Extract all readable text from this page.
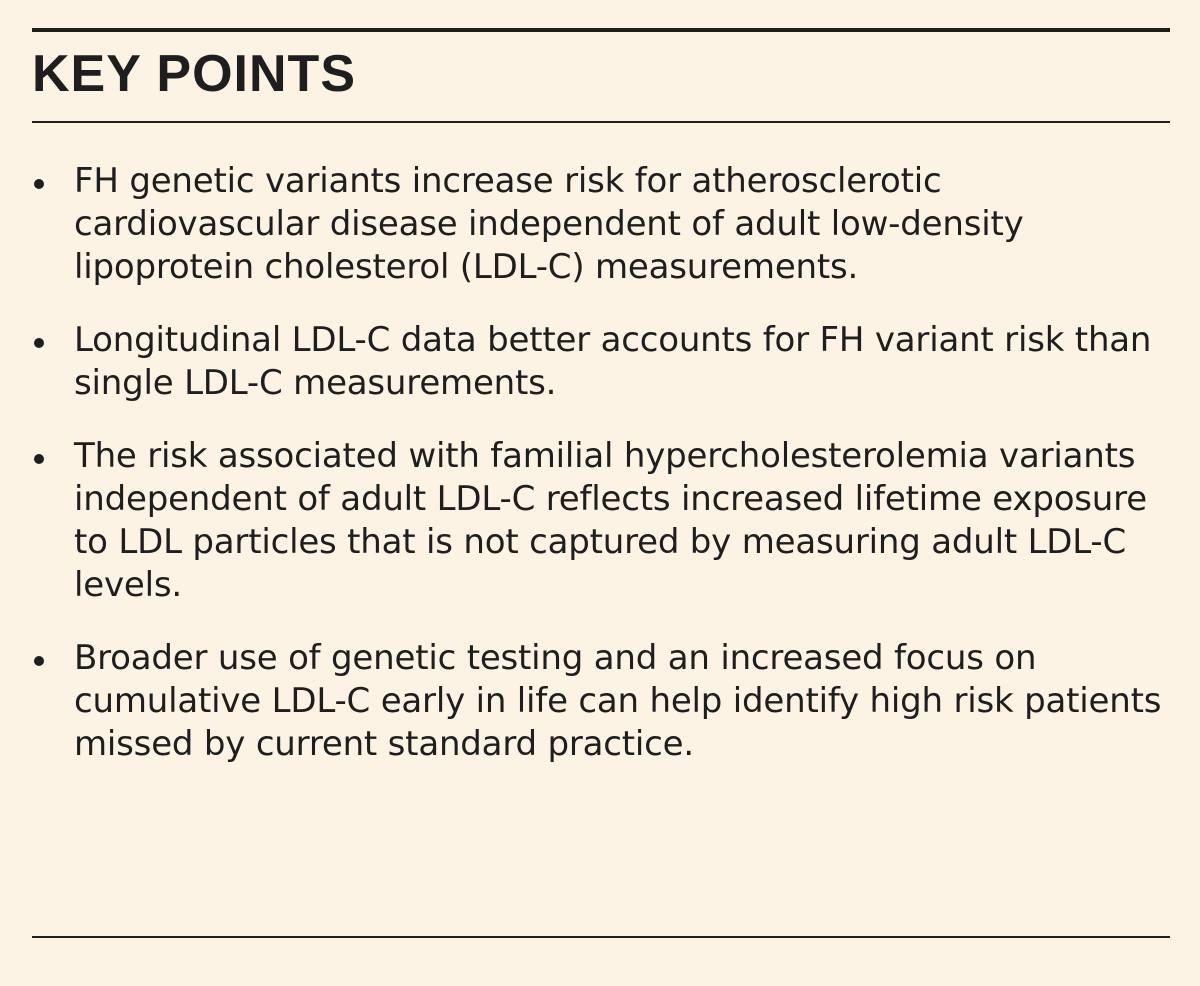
KEY POINTS
FH genetic variants increase risk for atherosclerotic cardiovascular disease independent of adult low-density lipoprotein cholesterol (LDL-C) measurements.
Longitudinal LDL-C data better accounts for FH variant risk than single LDL-C measurements.
The risk associated with familial hypercholesterolemia variants independent of adult LDL-C reflects increased lifetime exposure to LDL particles that is not captured by measuring adult LDL-C levels.
Broader use of genetic testing and an increased focus on cumulative LDL-C early in life can help identify high risk patients missed by current standard practice.
